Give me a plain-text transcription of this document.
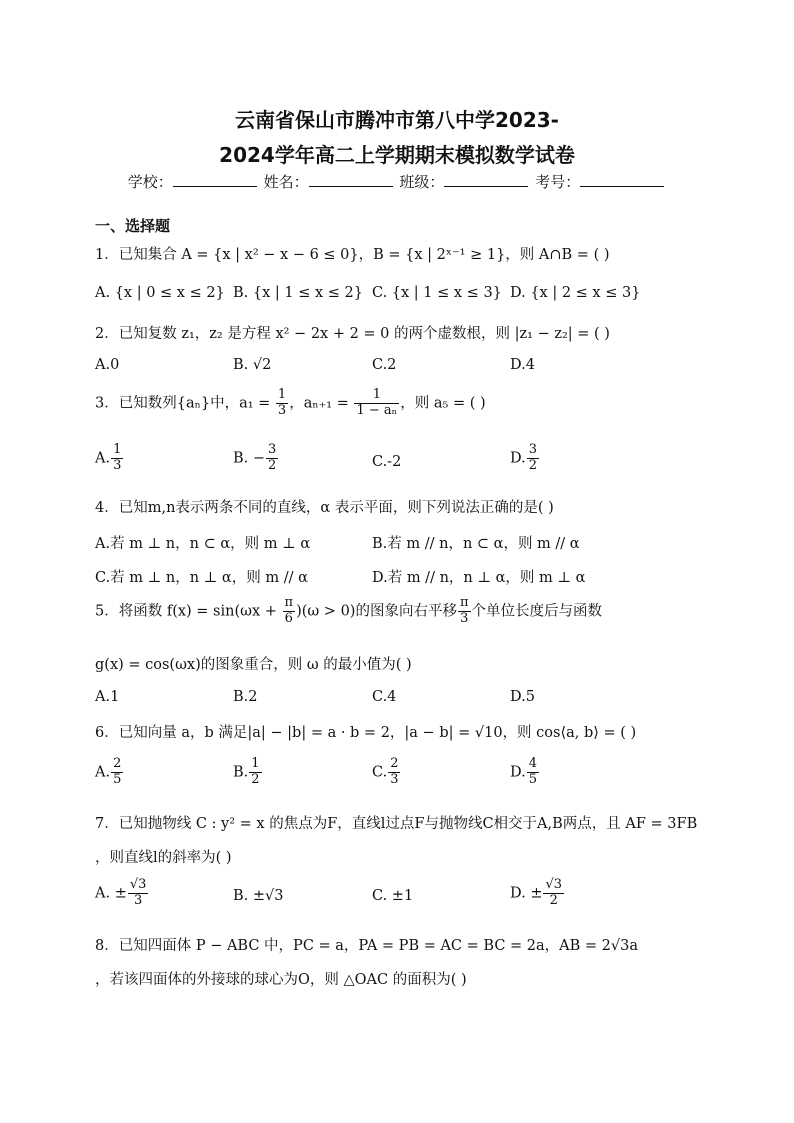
云南省保山市腾冲市第八中学2023-
2024学年高二上学期期末模拟数学试卷
学校：	姓名：	班级：	考号：
一、选择题
1．已知集合 A = {x | x² − x − 6 ≤ 0}，B = {x | 2ˣ⁻¹ ≥ 1}，则 A∩B = ( )
A. {x | 0 ≤ x ≤ 2} B. {x | 1 ≤ x ≤ 2} C. {x | 1 ≤ x ≤ 3} D. {x | 2 ≤ x ≤ 3}
2．已知复数 z₁，z₂ 是方程 x² − 2x + 2 = 0 的两个虚数根，则 |z₁ − z₂| = ( )
A.0	B. √2	C.2	D.4
3．已知数列{aₙ}中，$a_1 = \frac{1}{3}$ ，$a_{n+1} = \frac{1}{\text{1 − aₙ}}$ ，则 a₅ = ( )
A. $\frac{1}{3}$	B. − $\frac{3}{2}$	C.-2	D. $\frac{3}{2}$
4．已知m,n表示两条不同的直线，α 表示平面，则下列说法正确的是( )
A.若 m ⊥ n，n ⊂ α，则 m ⊥ α	B.若 m // n，n ⊂ α，则 m // α
C.若 m ⊥ n，n ⊥ α，则 m // α	D.若 m // n，n ⊥ α，则 m ⊥ α
5．将函数 $f(x) = \sin(\omega x + \frac{\pi}{6} )(\omega > 0)$的图象向右平移 $\frac{\pi}{3}$ 个单位长度后与函数
g(x) = cos(ωx)的图象重合，则 ω 的最小值为( )
A.1	B.2	C.4	D.5
6．已知向量 a，b 满足|a| − |b| = a · b = 2，|a − b| = √10，则 cos⟨a, b⟩ = ( )
A. $\frac{2}{5}$	B. $\frac{1}{2}$	C. $\frac{2}{3}$	D. $\frac{4}{5}$
7．已知抛物线 C : y² = x 的焦点为F，直线l过点F与抛物线C相交于A,B两点，且 AF = 3FB
，则直线l的斜率为( )
A. ± $\frac{√3}{3}$	B. ±√3	C. ±1	D. ± $\frac{√3}{2}$
8．已知四面体 P − ABC 中，PC = a，PA = PB = AC = BC = 2a，AB = 2√3a
，若该四面体的外接球的球心为O，则 △OAC 的面积为( )
